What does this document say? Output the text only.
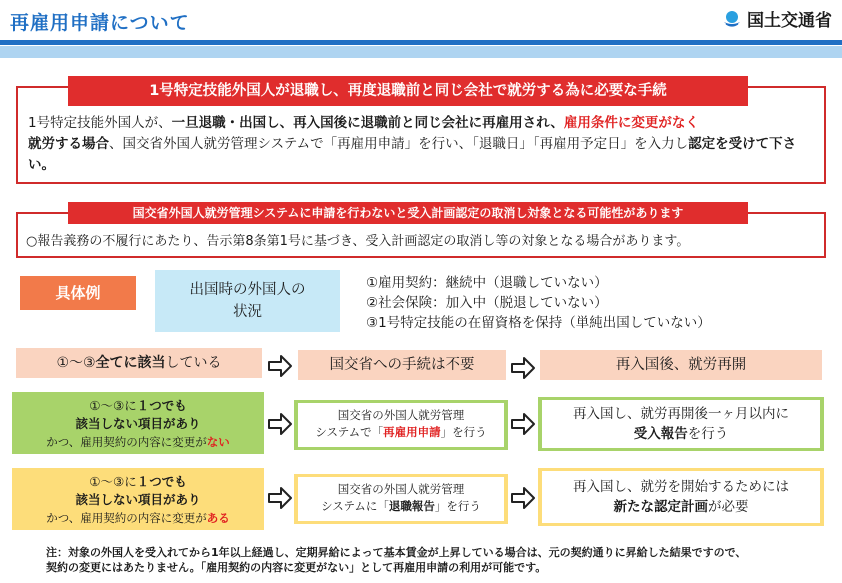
再雇用申請について	国土交通省
1号特定技能外国人が退職し、再度退職前と同じ会社で就労する為に必要な手続
1号特定技能外国人が、一旦退職・出国し、再入国後に退職前と同じ会社に再雇用され、雇用条件に変更がなく
就労する場合、国交省外国人就労管理システムで「再雇用申請」を行い、「退職日」「再雇用予定日」を入力し認定を受けて下さい。
国交省外国人就労管理システムに申請を行わないと受入計画認定の取消し対象となる可能性があります
○報告義務の不履行にあたり、告示第8条第1号に基づき、受入計画認定の取消し等の対象となる場合があります。
具体例	出国時の外国人の
状況
①雇用契約：継続中（退職していない）
②社会保険：加入中（脱退していない）
③1号特定技能の在留資格を保持（単純出国していない）
①～③全てに該当している	国交省への手続は不要	再入国後、就労再開
①～③に１つでも
該当しない項目があり
かつ、雇用契約の内容に変更がない
国交省の外国人就労管理
システムで「再雇用申請」を行う
再入国し、就労再開後一ヶ月以内に
受入報告を行う
①～③に１つでも
該当しない項目があり
かつ、雇用契約の内容に変更がある
国交省の外国人就労管理
システムに「退職報告」を行う
再入国し、就労を開始するためには
新たな認定計画が必要
注：対象の外国人を受入れてから1年以上経過し、定期昇給によって基本賃金が上昇している場合は、元の契約通りに昇給した結果ですので、
契約の変更にはあたりません。「雇用契約の内容に変更がない」として再雇用申請の利用が可能です。
